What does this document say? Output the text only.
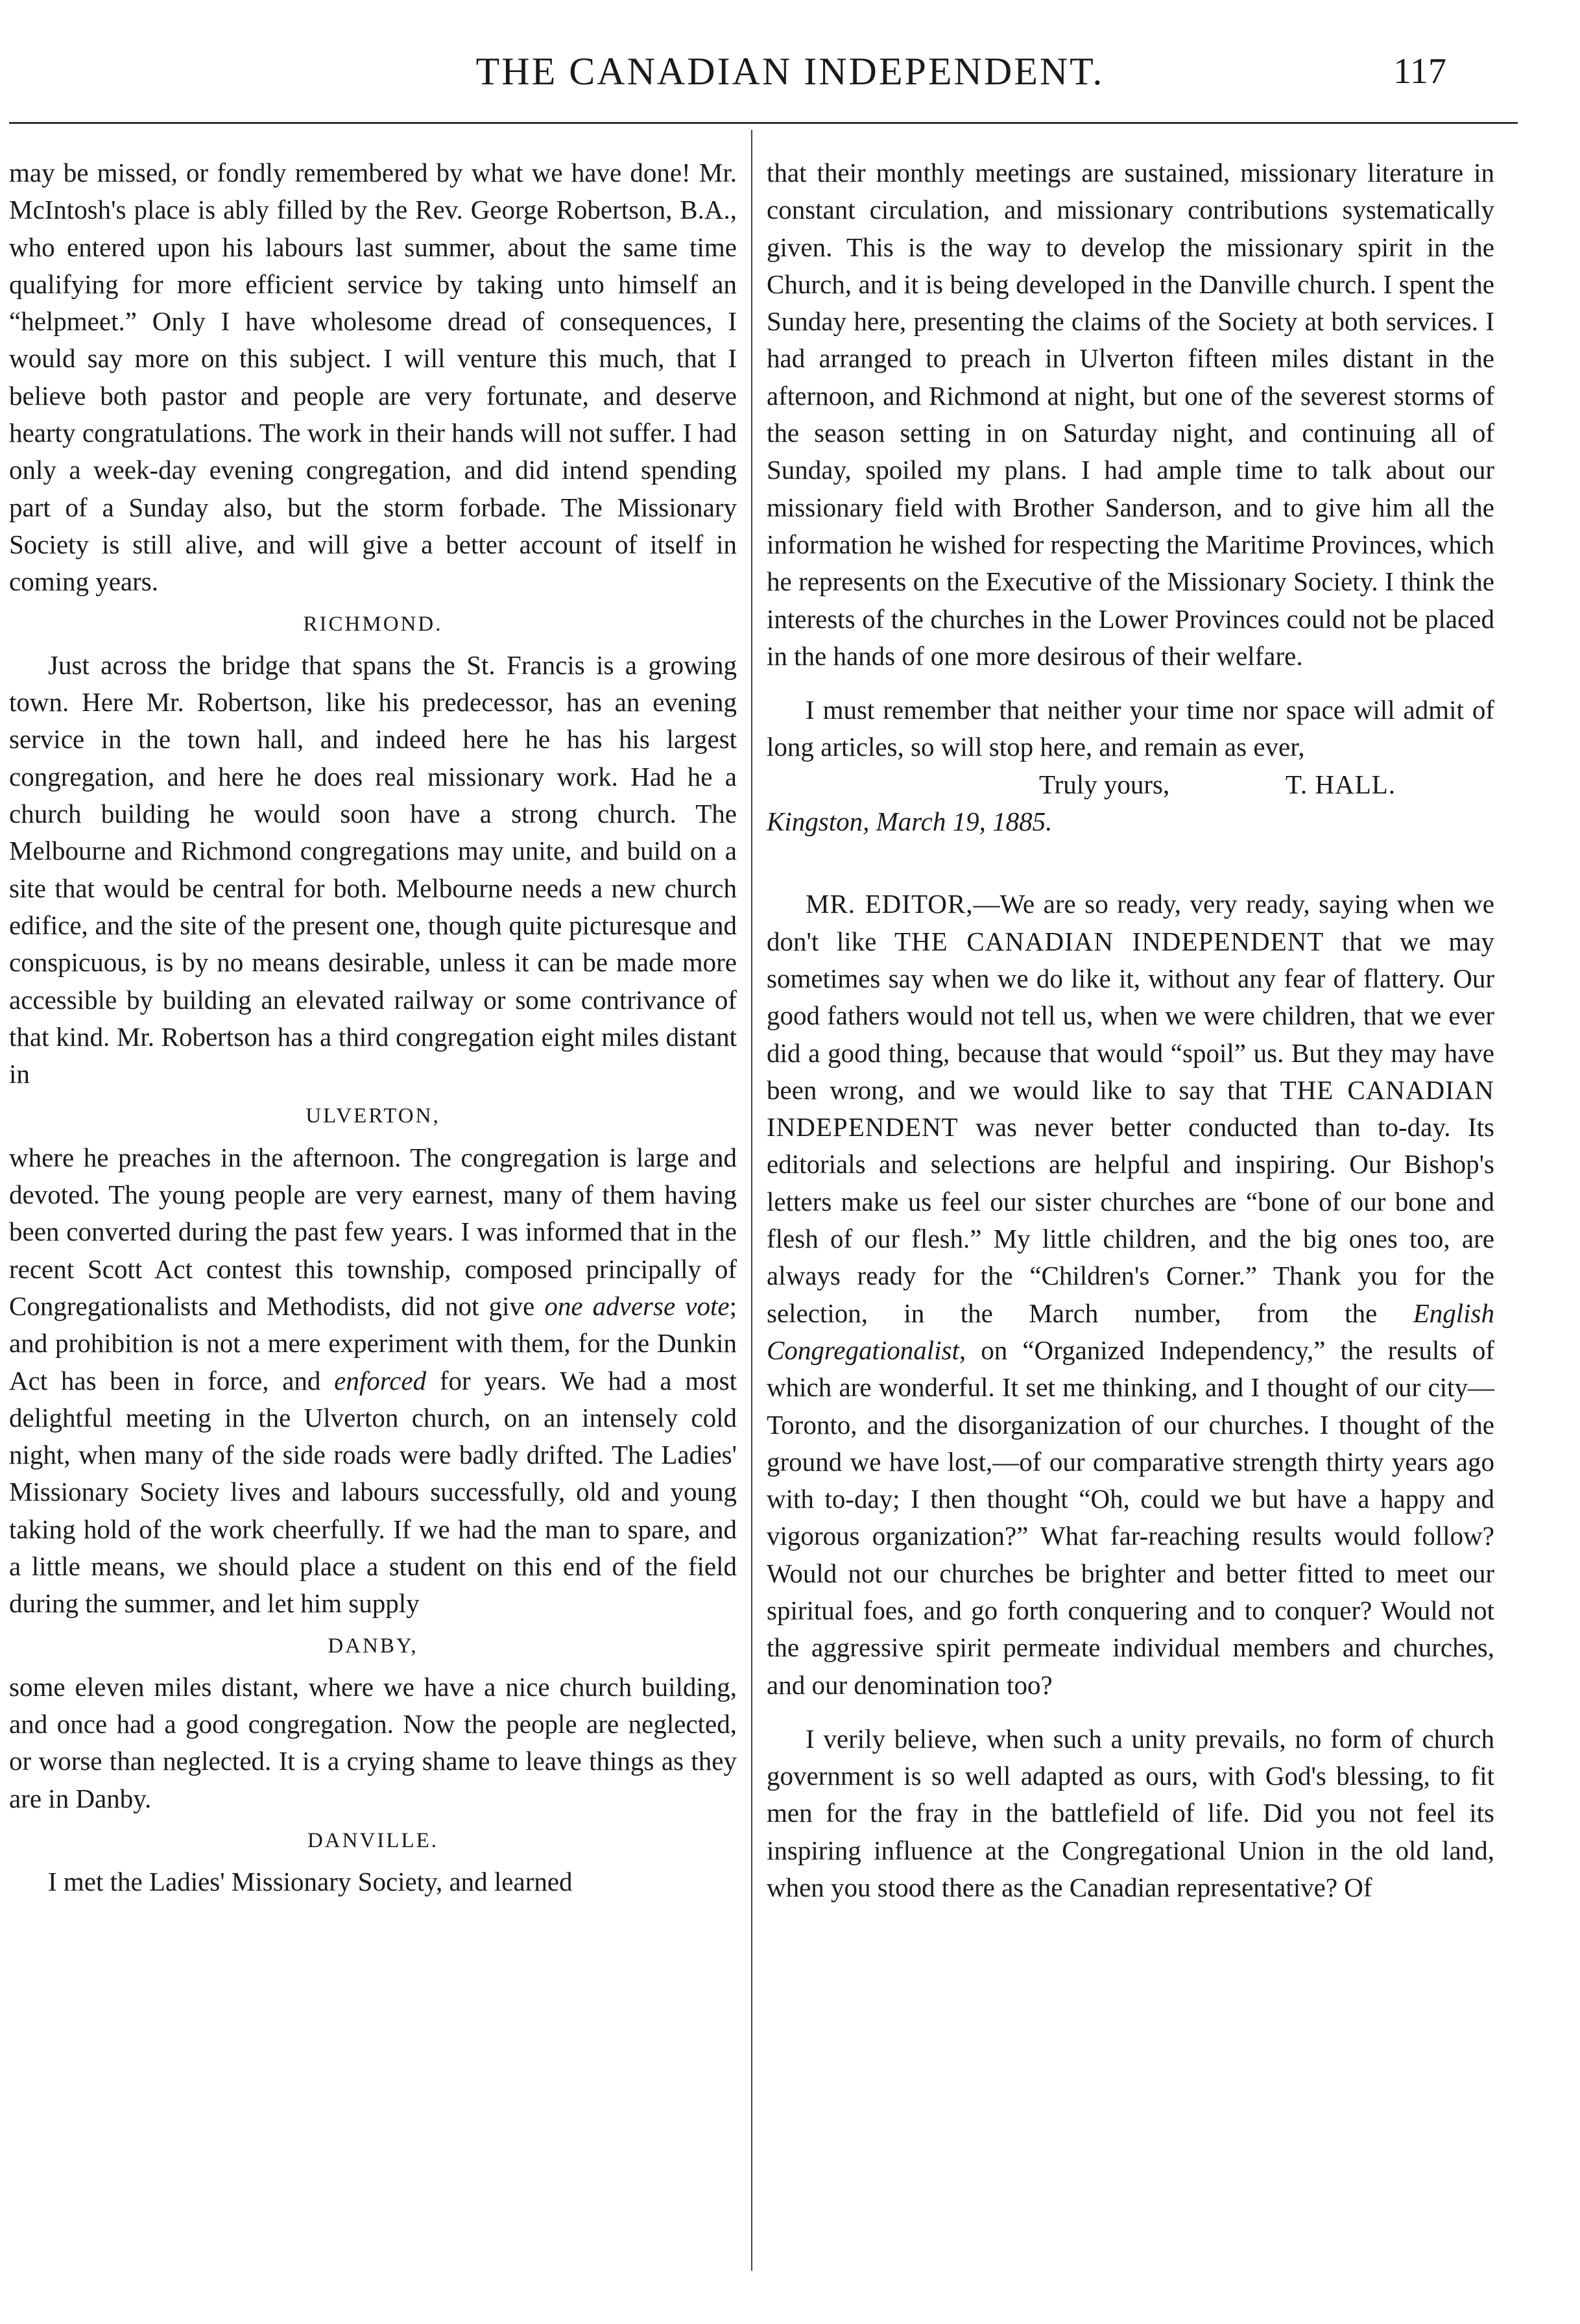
THE CANADIAN INDEPENDENT.	117

may be missed, or fondly remembered by what we have done! Mr. McIntosh's place is ably filled by the Rev. George Robertson, B.A., who entered upon his labours last summer, about the same time qualifying for more efficient service by taking unto himself an “helpmeet.” Only I have wholesome dread of consequences, I would say more on this subject. I will venture this much, that I believe both pastor and people are very fortunate, and deserve hearty congratulations. The work in their hands will not suffer. I had only a week-day evening congregation, and did intend spending part of a Sunday also, but the storm forbade. The Missionary Society is still alive, and will give a better account of itself in coming years.

RICHMOND.

Just across the bridge that spans the St. Francis is a growing town. Here Mr. Robertson, like his predecessor, has an evening service in the town hall, and indeed here he has his largest congregation, and here he does real missionary work. Had he a church building he would soon have a strong church. The Melbourne and Richmond congregations may unite, and build on a site that would be central for both. Melbourne needs a new church edifice, and the site of the present one, though quite picturesque and conspicuous, is by no means desirable, unless it can be made more accessible by building an elevated railway or some contrivance of that kind. Mr. Robertson has a third congregation eight miles distant in

ULVERTON,

where he preaches in the afternoon. The congregation is large and devoted. The young people are very earnest, many of them having been converted during the past few years. I was informed that in the recent Scott Act contest this township, composed principally of Congregationalists and Methodists, did not give one adverse vote; and prohibition is not a mere experiment with them, for the Dunkin Act has been in force, and enforced for years. We had a most delightful meeting in the Ulverton church, on an intensely cold night, when many of the side roads were badly drifted. The Ladies' Missionary Society lives and labours successfully, old and young taking hold of the work cheerfully. If we had the man to spare, and a little means, we should place a student on this end of the field during the summer, and let him supply

DANBY,

some eleven miles distant, where we have a nice church building, and once had a good congregation. Now the people are neglected, or worse than neglected. It is a crying shame to leave things as they are in Danby.

DANVILLE.

I met the Ladies' Missionary Society, and learned

that their monthly meetings are sustained, missionary literature in constant circulation, and missionary contributions systematically given. This is the way to develop the missionary spirit in the Church, and it is being developed in the Danville church. I spent the Sunday here, presenting the claims of the Society at both services. I had arranged to preach in Ulverton fifteen miles distant in the afternoon, and Richmond at night, but one of the severest storms of the season setting in on Saturday night, and continuing all of Sunday, spoiled my plans. I had ample time to talk about our missionary field with Brother Sanderson, and to give him all the information he wished for respecting the Maritime Provinces, which he represents on the Executive of the Missionary Society. I think the interests of the churches in the Lower Provinces could not be placed in the hands of one more desirous of their welfare.

I must remember that neither your time nor space will admit of long articles, so will stop here, and remain as ever,

Truly yours,	T. HALL.

Kingston, March 19, 1885.

MR. EDITOR,—We are so ready, very ready, saying when we don't like THE CANADIAN INDEPENDENT that we may sometimes say when we do like it, without any fear of flattery. Our good fathers would not tell us, when we were children, that we ever did a good thing, because that would “spoil” us. But they may have been wrong, and we would like to say that THE CANADIAN INDEPENDENT was never better conducted than to-day. Its editorials and selections are helpful and inspiring. Our Bishop's letters make us feel our sister churches are “bone of our bone and flesh of our flesh.” My little children, and the big ones too, are always ready for the “Children's Corner.” Thank you for the selection, in the March number, from the English Congregationalist, on “Organized Independency,” the results of which are wonderful. It set me thinking, and I thought of our city—Toronto, and the disorganization of our churches. I thought of the ground we have lost,—of our comparative strength thirty years ago with to-day; I then thought “Oh, could we but have a happy and vigorous organization?” What far-reaching results would follow? Would not our churches be brighter and better fitted to meet our spiritual foes, and go forth conquering and to conquer? Would not the aggressive spirit permeate individual members and churches, and our denomination too?

I verily believe, when such a unity prevails, no form of church government is so well adapted as ours, with God's blessing, to fit men for the fray in the battlefield of life. Did you not feel its inspiring influence at the Congregational Union in the old land, when you stood there as the Canadian representative? Of
